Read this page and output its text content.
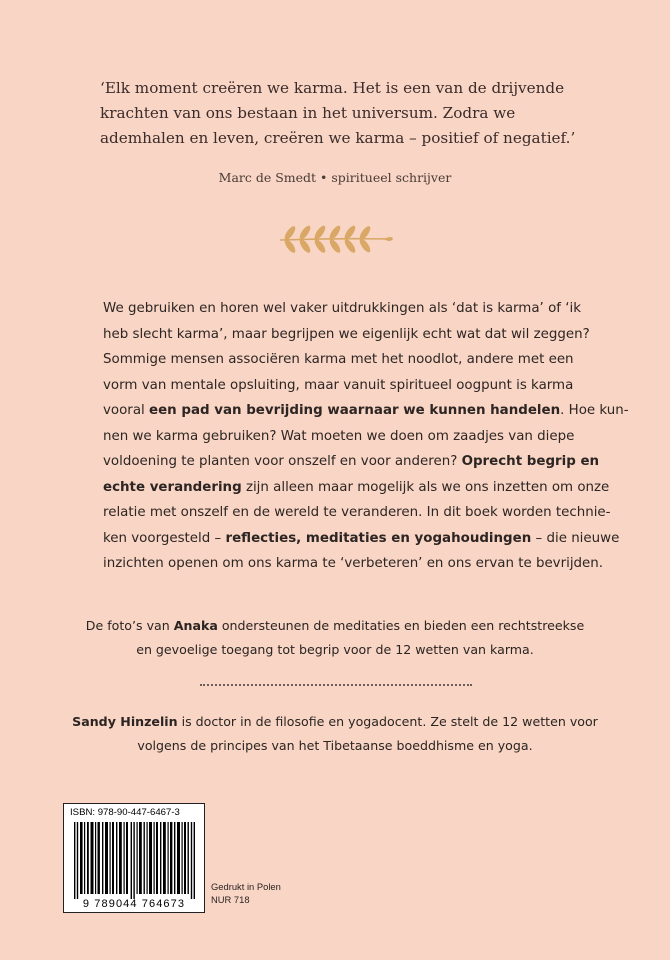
‘Elk moment creëren we karma. Het is een van de drijvende

krachten van ons bestaan in het universum. Zodra we

ademhalen en leven, creëren we karma – positief of negatief.’

Marc de Smedt • spiritueel schrijver
We gebruiken en horen wel vaker uitdrukkingen als ‘dat is karma’ of ‘ik
heb slecht karma’, maar begrijpen we eigenlijk echt wat dat wil zeggen?
Sommige mensen associëren karma met het noodlot, andere met een
vorm van mentale opsluiting, maar vanuit spiritueel oogpunt is karma
vooral een pad van bevrijding waarnaar we kunnen handelen. Hoe kun-
nen we karma gebruiken? Wat moeten we doen om zaadjes van diepe
voldoening te planten voor onszelf en voor anderen? Oprecht begrip en
echte verandering zijn alleen maar mogelijk als we ons inzetten om onze
relatie met onszelf en de wereld te veranderen. In dit boek worden technie-
ken voorgesteld – reflecties, meditaties en yogahoudingen – die nieuwe
inzichten openen om ons karma te ‘verbeteren’ en ons ervan te bevrijden.
De foto’s van Anaka ondersteunen de meditaties en bieden een rechtstreekse
en gevoelige toegang tot begrip voor de 12 wetten van karma.
Sandy Hinzelin is doctor in de filosofie en yogadocent. Ze stelt de 12 wetten voor
volgens de principes van het Tibetaanse boeddhisme en yoga.
ISBN: 978-90-447-6467-3
9 789044 764673
Gedrukt in Polen
NUR 718
